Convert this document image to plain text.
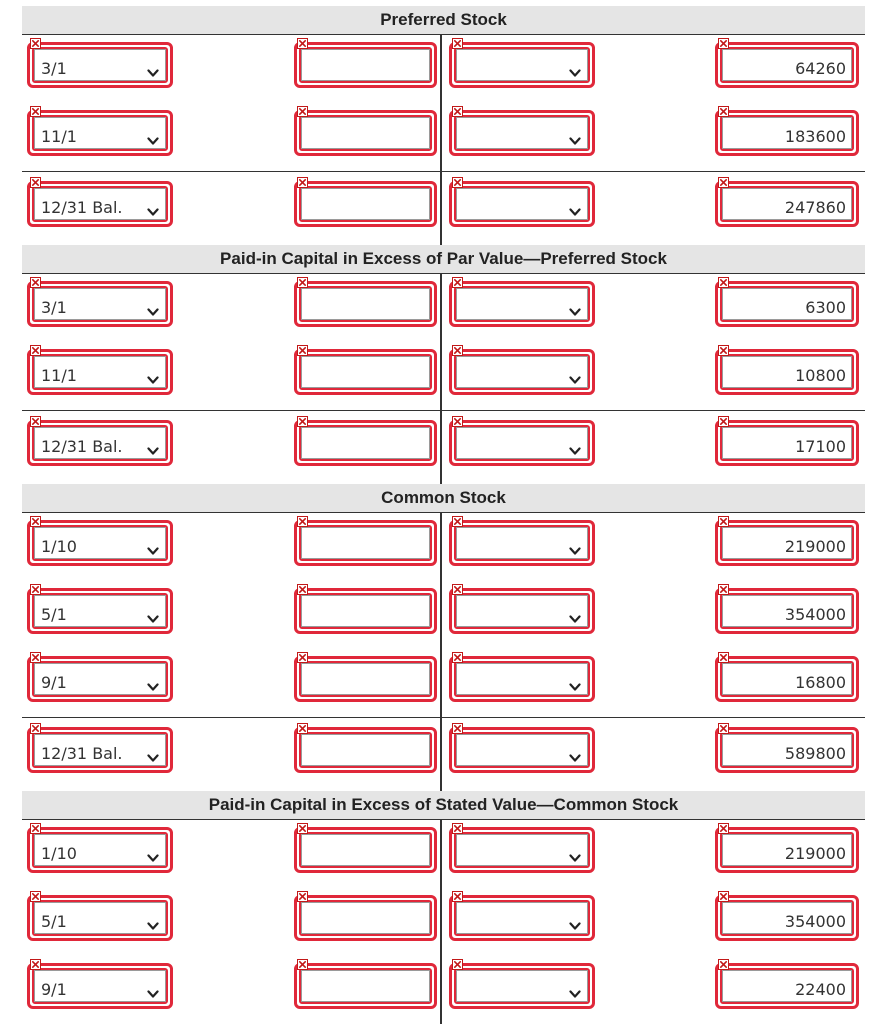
Preferred Stock
3/1	64260
11/1	183600
12/31 Bal.	247860
Paid-in Capital in Excess of Par Value—Preferred Stock
3/1	6300
11/1	10800
12/31 Bal.	17100
Common Stock
1/10	219000
5/1	354000
9/1	16800
12/31 Bal.	589800
Paid-in Capital in Excess of Stated Value—Common Stock
1/10	219000
5/1	354000
9/1	22400
